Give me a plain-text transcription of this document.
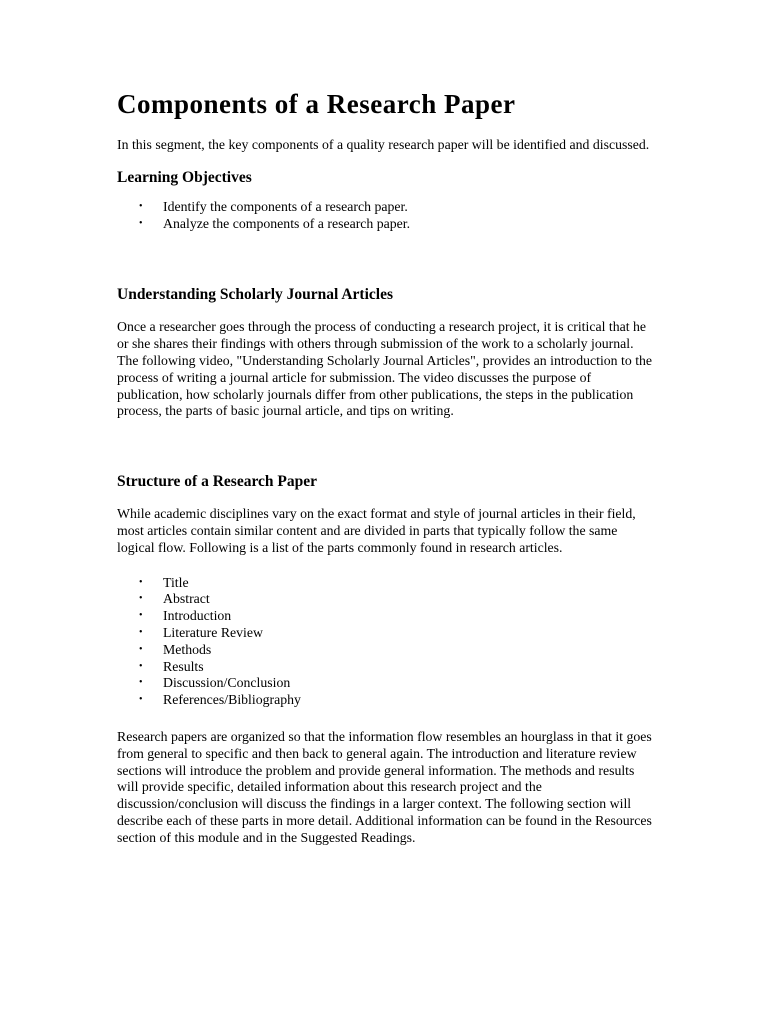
Components of a Research Paper

In this segment, the key components of a quality research paper will be identified and discussed.

Learning Objectives
• Identify the components of a research paper.
• Analyze the components of a research paper.
Understanding Scholarly Journal Articles

Once a researcher goes through the process of conducting a research project, it is critical that he or she shares their findings with others through submission of the work to a scholarly journal. The following video, "Understanding Scholarly Journal Articles", provides an introduction to the process of writing a journal article for submission. The video discusses the purpose of publication, how scholarly journals differ from other publications, the steps in the publication process, the parts of basic journal article, and tips on writing.

Structure of a Research Paper

While academic disciplines vary on the exact format and style of journal articles in their field, most articles contain similar content and are divided in parts that typically follow the same logical flow. Following is a list of the parts commonly found in research articles.

• Title
• Abstract
• Introduction
• Literature Review
• Methods
• Results
• Discussion/Conclusion
• References/Bibliography

Research papers are organized so that the information flow resembles an hourglass in that it goes from general to specific and then back to general again. The introduction and literature review sections will introduce the problem and provide general information. The methods and results will provide specific, detailed information about this research project and the discussion/conclusion will discuss the findings in a larger context. The following section will describe each of these parts in more detail. Additional information can be found in the Resources section of this module and in the Suggested Readings.
